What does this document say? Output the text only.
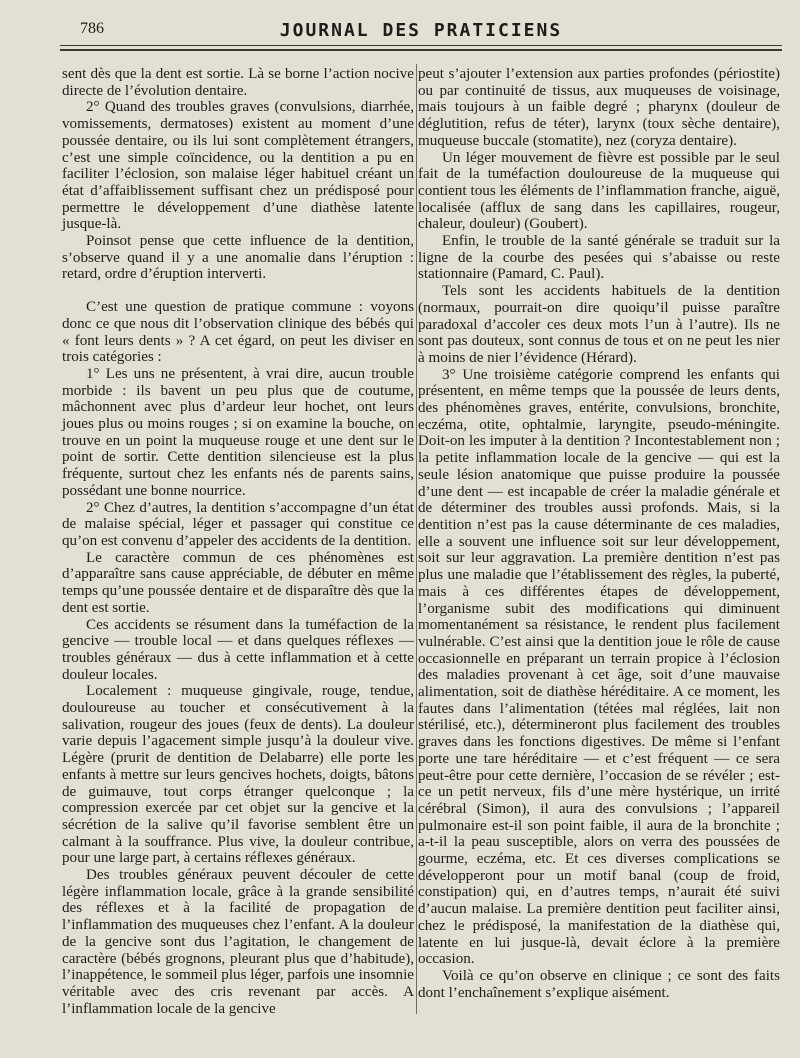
786	JOURNAL DES PRATICIENS

sent dès que la dent est sortie. Là se borne l’action nocive directe de l’évolution dentaire.

2° Quand des troubles graves (convulsions, diarrhée, vomissements, dermatoses) existent au moment d’une poussée dentaire, ou ils lui sont complètement étrangers, c’est une simple coïncidence, ou la dentition a pu en faciliter l’éclosion, son malaise léger habituel créant un état d’affaiblissement suffisant chez un prédisposé pour permettre le développement d’une diathèse latente jusque-là.

Poinsot pense que cette influence de la dentition, s’observe quand il y a une anomalie dans l’éruption : retard, ordre d’éruption interverti.

C’est une question de pratique commune : voyons donc ce que nous dit l’observation clinique des bébés qui « font leurs dents » ? A cet égard, on peut les diviser en trois catégories :

1° Les uns ne présentent, à vrai dire, aucun trouble morbide : ils bavent un peu plus que de coutume, mâchonnent avec plus d’ardeur leur hochet, ont leurs joues plus ou moins rouges ; si on examine la bouche, on trouve en un point la muqueuse rouge et une dent sur le point de sortir. Cette dentition silencieuse est la plus fréquente, surtout chez les enfants nés de parents sains, possédant une bonne nourrice.

2° Chez d’autres, la dentition s’accompagne d’un état de malaise spécial, léger et passager qui constitue ce qu’on est convenu d’appeler des accidents de la dentition.

Le caractère commun de ces phénomènes est d’apparaître sans cause appréciable, de débuter en même temps qu’une poussée dentaire et de disparaître dès que la dent est sortie.

Ces accidents se résument dans la tuméfaction de la gencive — trouble local — et dans quelques réflexes — troubles généraux — dus à cette inflammation et à cette douleur locales.

Localement : muqueuse gingivale, rouge, tendue, douloureuse au toucher et consécutivement à la salivation, rougeur des joues (feux de dents). La douleur varie depuis l’agacement simple jusqu’à la douleur vive. Légère (prurit de dentition de Delabarre) elle porte les enfants à mettre sur leurs gencives hochets, doigts, bâtons de guimauve, tout corps étranger quelconque ; la compression exercée par cet objet sur la gencive et la sécrétion de la salive qu’il favorise semblent être un calmant à la souffrance. Plus vive, la douleur contribue, pour une large part, à certains réflexes généraux.

Des troubles généraux peuvent découler de cette légère inflammation locale, grâce à la grande sensibilité des réflexes et à la facilité de propagation de l’inflammation des muqueuses chez l’enfant. A la douleur de la gencive sont dus l’agitation, le changement de caractère (bébés grognons, pleurant plus que d’habitude), l’inappétence, le sommeil plus léger, parfois une insomnie véritable avec des cris revenant par accès. A l’inflammation locale de la gencive

peut s’ajouter l’extension aux parties profondes (périostite) ou par continuité de tissus, aux muqueuses de voisinage, mais toujours à un faible degré ; pharynx (douleur de déglutition, refus de téter), larynx (toux sèche dentaire), muqueuse buccale (stomatite), nez (coryza dentaire).

Un léger mouvement de fièvre est possible par le seul fait de la tuméfaction douloureuse de la muqueuse qui contient tous les éléments de l’inflammation franche, aiguë, localisée (afflux de sang dans les capillaires, rougeur, chaleur, douleur) (Goubert).

Enfin, le trouble de la santé générale se traduit sur la ligne de la courbe des pesées qui s’abaisse ou reste stationnaire (Pamard, C. Paul).

Tels sont les accidents habituels de la dentition (normaux, pourrait-on dire quoiqu’il puisse paraître paradoxal d’accoler ces deux mots l’un à l’autre). Ils ne sont pas douteux, sont connus de tous et on ne peut les nier à moins de nier l’évidence (Hérard).

3° Une troisième catégorie comprend les enfants qui présentent, en même temps que la poussée de leurs dents, des phénomènes graves, entérite, convulsions, bronchite, eczéma, otite, ophtalmie, laryngite, pseudo-méningite. Doit-on les imputer à la dentition ? Incontestablement non ; la petite inflammation locale de la gencive — qui est la seule lésion anatomique que puisse produire la poussée d’une dent — est incapable de créer la maladie générale et de déterminer des troubles aussi profonds. Mais, si la dentition n’est pas la cause déterminante de ces maladies, elle a souvent une influence soit sur leur développement, soit sur leur aggravation. La première dentition n’est pas plus une maladie que l’établissement des règles, la puberté, mais à ces différentes étapes de développement, l’organisme subit des modifications qui diminuent momentanément sa résistance, le rendent plus facilement vulnérable. C’est ainsi que la dentition joue le rôle de cause occasionnelle en préparant un terrain propice à l’éclosion des maladies provenant à cet âge, soit d’une mauvaise alimentation, soit de diathèse héréditaire. A ce moment, les fautes dans l’alimentation (tétées mal réglées, lait non stérilisé, etc.), détermineront plus facilement des troubles graves dans les fonctions digestives. De même si l’enfant porte une tare héréditaire — et c’est fréquent — ce sera peut-être pour cette dernière, l’occasion de se révéler ; est-ce un petit nerveux, fils d’une mère hystérique, un irrité cérébral (Simon), il aura des convulsions ; l’appareil pulmonaire est-il son point faible, il aura de la bronchite ; a-t-il la peau susceptible, alors on verra des poussées de gourme, eczéma, etc. Et ces diverses complications se développeront pour un motif banal (coup de froid, constipation) qui, en d’autres temps, n’aurait été suivi d’aucun malaise. La première dentition peut faciliter ainsi, chez le prédisposé, la manifestation de la diathèse qui, latente en lui jusque-là, devait éclore à la première occasion.

Voilà ce qu’on observe en clinique ; ce sont des faits dont l’enchaînement s’explique aisément.
